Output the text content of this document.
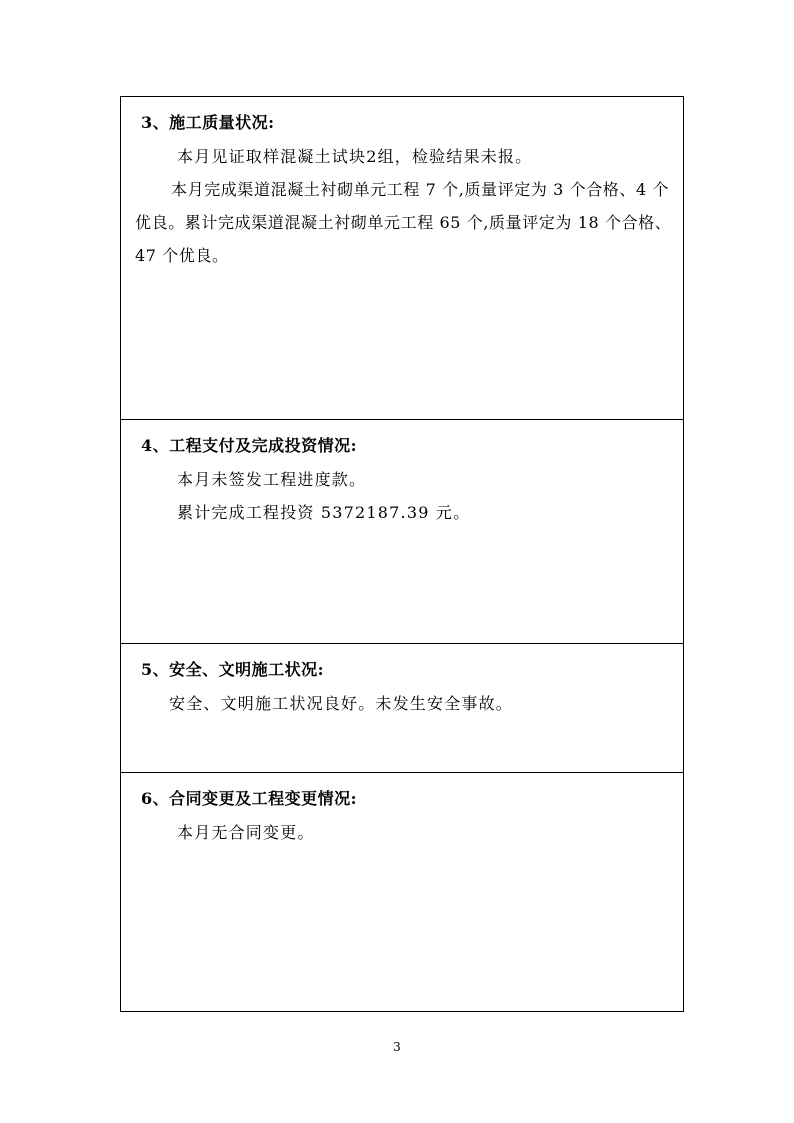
3、施工质量状况:

本月见证取样混凝土试块2组，检验结果未报。

本月完成渠道混凝土衬砌单元工程 7 个,质量评定为 3 个合格、4 个优良。累计完成渠道混凝土衬砌单元工程 65 个,质量评定为 18 个合格、47 个优良。

4、工程支付及完成投资情况:

本月未签发工程进度款。

累计完成工程投资 5372187.39 元。

5、安全、文明施工状况:

安全、文明施工状况良好。未发生安全事故。

6、合同变更及工程变更情况:

本月无合同变更。

3
